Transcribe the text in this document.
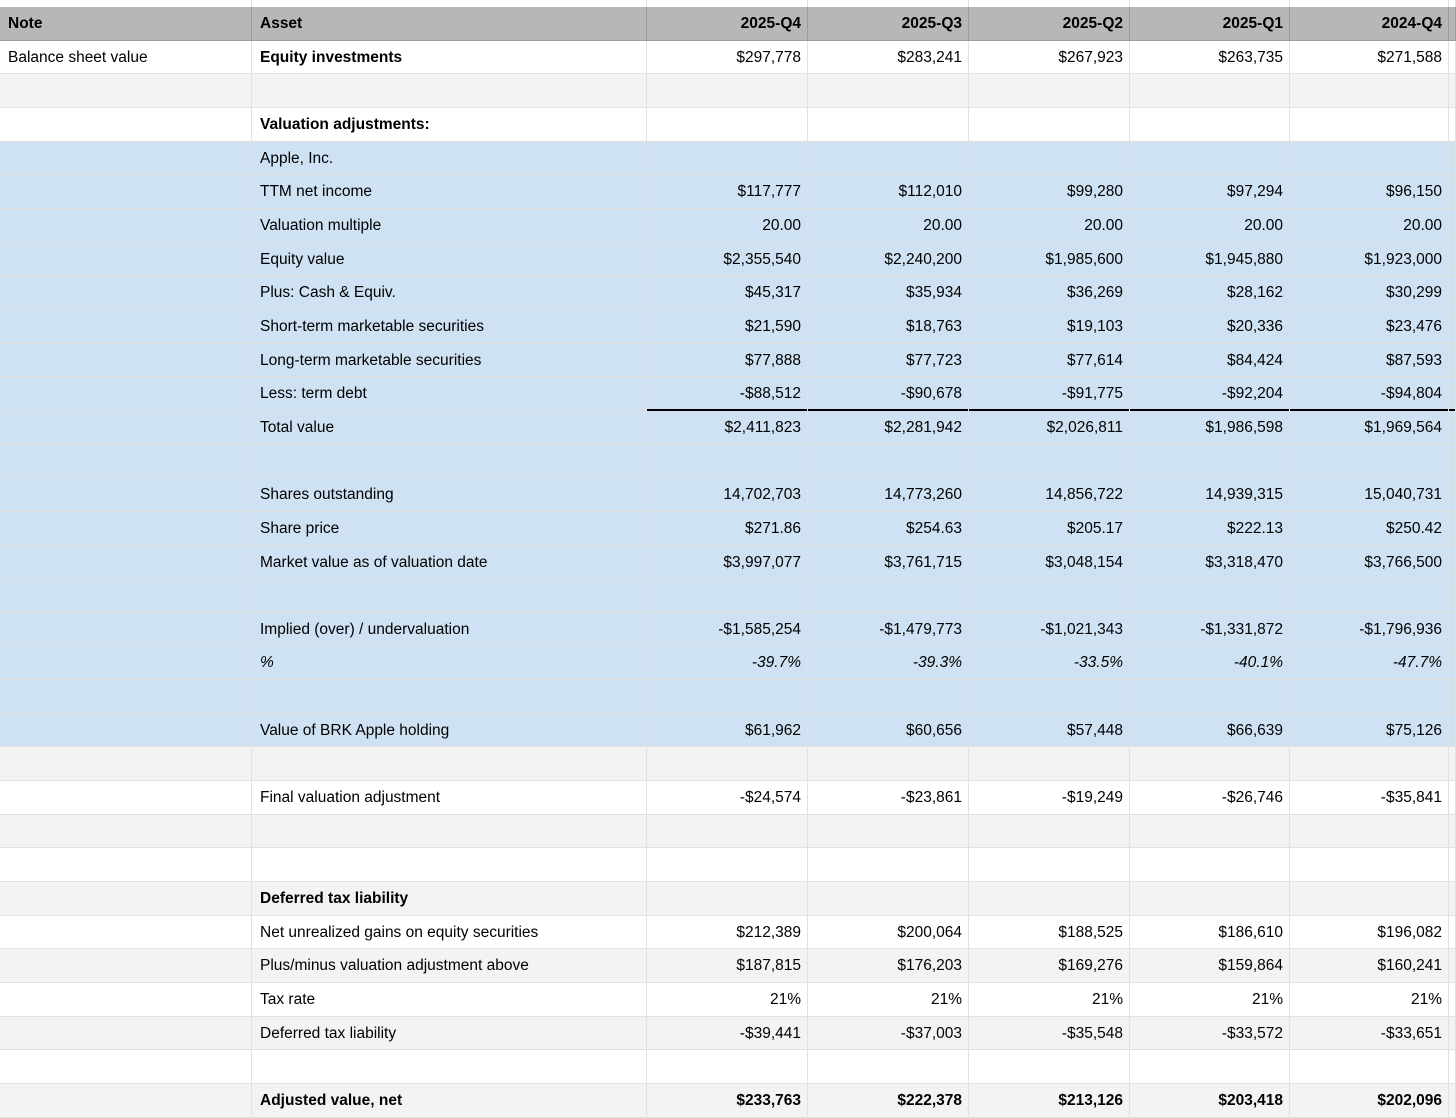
Note	Asset	2025-Q4	2025-Q3	2025-Q2	2025-Q1	2024-Q4
Balance sheet value	Equity investments	$297,778	$283,241	$267,923	$263,735	$271,588
Valuation adjustments:
Apple, Inc.
TTM net income	$117,777	$112,010	$99,280	$97,294	$96,150
Valuation multiple	20.00	20.00	20.00	20.00	20.00
Equity value	$2,355,540	$2,240,200	$1,985,600	$1,945,880	$1,923,000
Plus: Cash & Equiv.	$45,317	$35,934	$36,269	$28,162	$30,299
Short-term marketable securities	$21,590	$18,763	$19,103	$20,336	$23,476
Long-term marketable securities	$77,888	$77,723	$77,614	$84,424	$87,593
Less: term debt	-$88,512	-$90,678	-$91,775	-$92,204	-$94,804
Total value	$2,411,823	$2,281,942	$2,026,811	$1,986,598	$1,969,564
Shares outstanding	14,702,703	14,773,260	14,856,722	14,939,315	15,040,731
Share price	$271.86	$254.63	$205.17	$222.13	$250.42
Market value as of valuation date	$3,997,077	$3,761,715	$3,048,154	$3,318,470	$3,766,500
Implied (over) / undervaluation	-$1,585,254	-$1,479,773	-$1,021,343	-$1,331,872	-$1,796,936
%	-39.7%	-39.3%	-33.5%	-40.1%	-47.7%
Value of BRK Apple holding	$61,962	$60,656	$57,448	$66,639	$75,126
Final valuation adjustment	-$24,574	-$23,861	-$19,249	-$26,746	-$35,841
Deferred tax liability
Net unrealized gains on equity securities	$212,389	$200,064	$188,525	$186,610	$196,082
Plus/minus valuation adjustment above	$187,815	$176,203	$169,276	$159,864	$160,241
Tax rate	21%	21%	21%	21%	21%
Deferred tax liability	-$39,441	-$37,003	-$35,548	-$33,572	-$33,651
Adjusted value, net	$233,763	$222,378	$213,126	$203,418	$202,096
